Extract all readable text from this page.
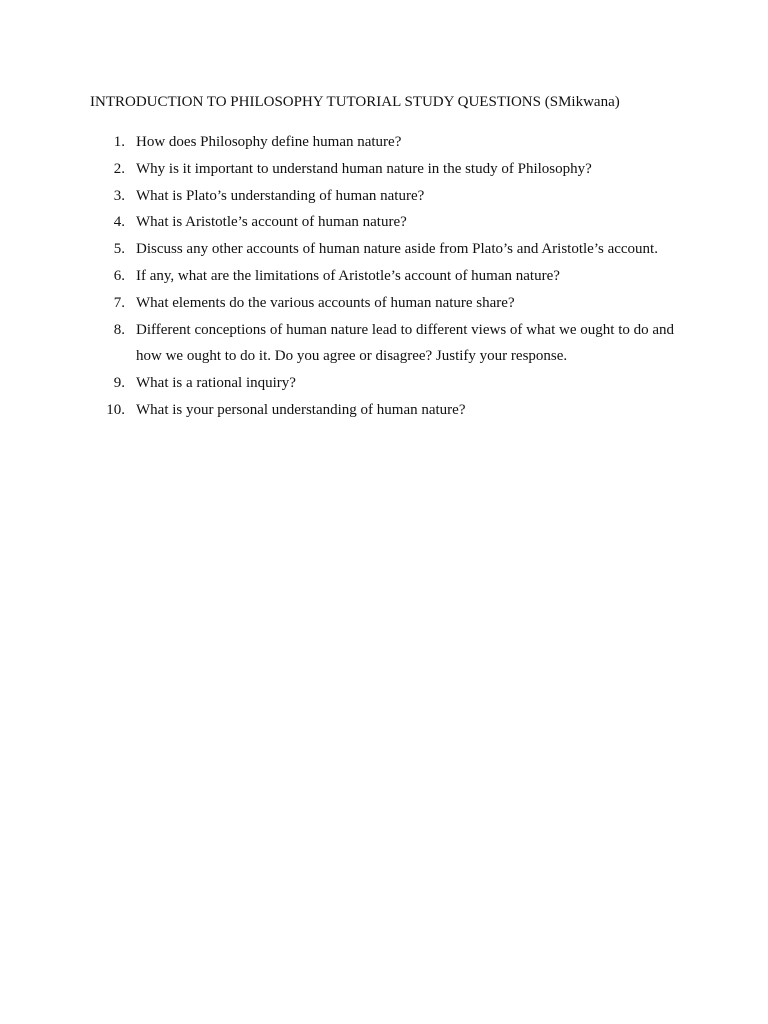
INTRODUCTION TO PHILOSOPHY TUTORIAL STUDY QUESTIONS (SMikwana)
1. How does Philosophy define human nature?
2. Why is it important to understand human nature in the study of Philosophy?
3. What is Plato’s understanding of human nature?
4. What is Aristotle’s account of human nature?
5. Discuss any other accounts of human nature aside from Plato’s and Aristotle’s account.
6. If any, what are the limitations of Aristotle’s account of human nature?
7. What elements do the various accounts of human nature share?
8. Different conceptions of human nature lead to different views of what we ought to do and how we ought to do it. Do you agree or disagree? Justify your response.
9. What is a rational inquiry?
10. What is your personal understanding of human nature?
